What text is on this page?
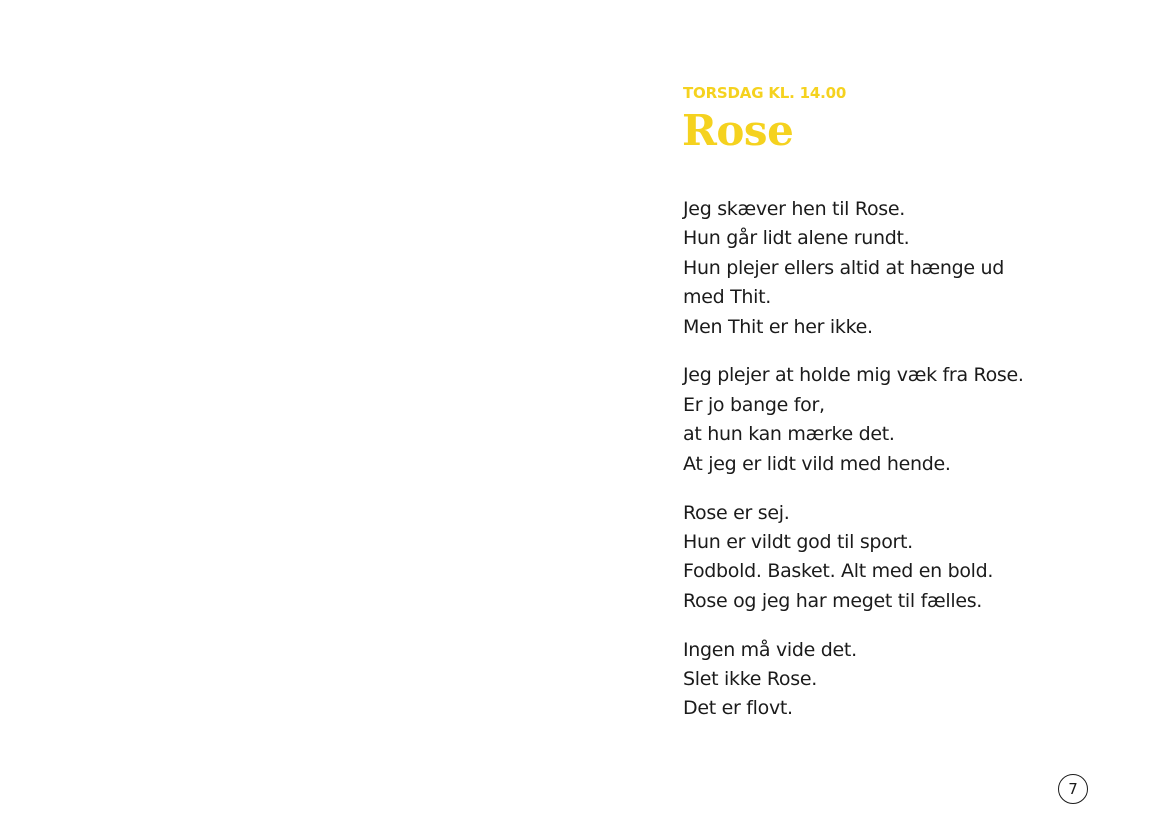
TORSDAG KL. 14.00
Rose
Jeg skæver hen til Rose.
Hun går lidt alene rundt.
Hun plejer ellers altid at hænge ud
med Thit.
Men Thit er her ikke.
Jeg plejer at holde mig væk fra Rose.
Er jo bange for,
at hun kan mærke det.
At jeg er lidt vild med hende.
Rose er sej.
Hun er vildt god til sport.
Fodbold. Basket. Alt med en bold.
Rose og jeg har meget til fælles.
Ingen må vide det.
Slet ikke Rose.
Det er flovt.
7
